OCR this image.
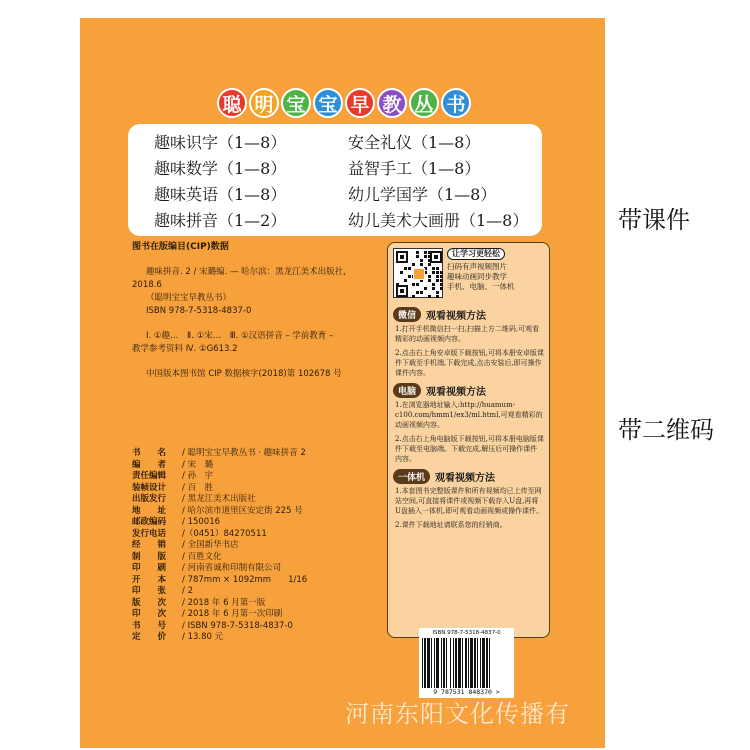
聪 明 宝 宝 早 教 丛 书
趣味识字（1—8）
趣味数学（1—8）
趣味英语（1—8）
趣味拼音（1—2）
安全礼仪（1—8）
益智手工（1—8）
幼儿学国学（1—8）
幼儿美术大画册（1—8）
图书在版编目(CIP)数据
趣味拼音. 2 / 宋璐编. — 哈尔滨：黑龙江美术出版社，
2018.6
（聪明宝宝早教丛书）
ISBN 978-7-5318-4837-0
Ⅰ. ①趣…　Ⅱ. ①宋…　Ⅲ. ①汉语拼音 – 学前教育 –
教学参考资料 Ⅳ. ①G613.2
中国版本图书馆 CIP 数据核字(2018)第 102678 号
书　　名	/ 聪明宝宝早教丛书 · 趣味拼音 2
编　　者	/ 宋　璐
责任编辑	/ 孙　宇
装帧设计	/ 百　胜
出版发行	/ 黑龙江美术出版社
地　　址	/ 哈尔滨市道里区安定街 225 号
邮政编码	/ 150016
发行电话	/（0451）84270511
经　　销	/ 全国新华书店
制　　版	/ 百胜文化
印　　刷	/ 河南省诚和印制有限公司
开　　本	/ 787mm × 1092mm　　1/16
印　　张	/ 2
版　　次	/ 2018 年 6 月第一版
印　　次	/ 2018 年 6 月第一次印刷
书　　号	/ ISBN 978-7-5318-4837-0
定　　价	/ 13.80 元
让学习更轻松
扫码有声视频图片
趣味动画同步教学
手机、电脑、一体机
微信	观看视频方法

1.打开手机微信扫一扫,扫描上方二维码,可观看精彩的动画视频内容。

2.点击右上角安卓版下载按钮,可将本册安卓版课件下载至手机端,下载完成,点击安装后,即可操作课件内容。

电脑	观看视频方法

1.在浏览器地址输入:http://huamum-c100.com/hmm1/ex3/ml.html,可观看精彩的动画视频内容。

2.点击右上角电脑版下载按钮,可将本册电脑版课件下载至电脑端。下载完成,解压后可操作课件内容。

一体机	观看视频方法

1.本套图书完整版课件和所有视频均已上传至网站空间,可直接将课件或视频下载存入U盘,再将U盘插入一体机,即可观看动画视频或操作课件。

2.课件下载地址请联系您的经销商。

ISBN 978-7-5318-4837-0
9 787531 848370 >
带课件
带二维码
河南东阳文化传播有
